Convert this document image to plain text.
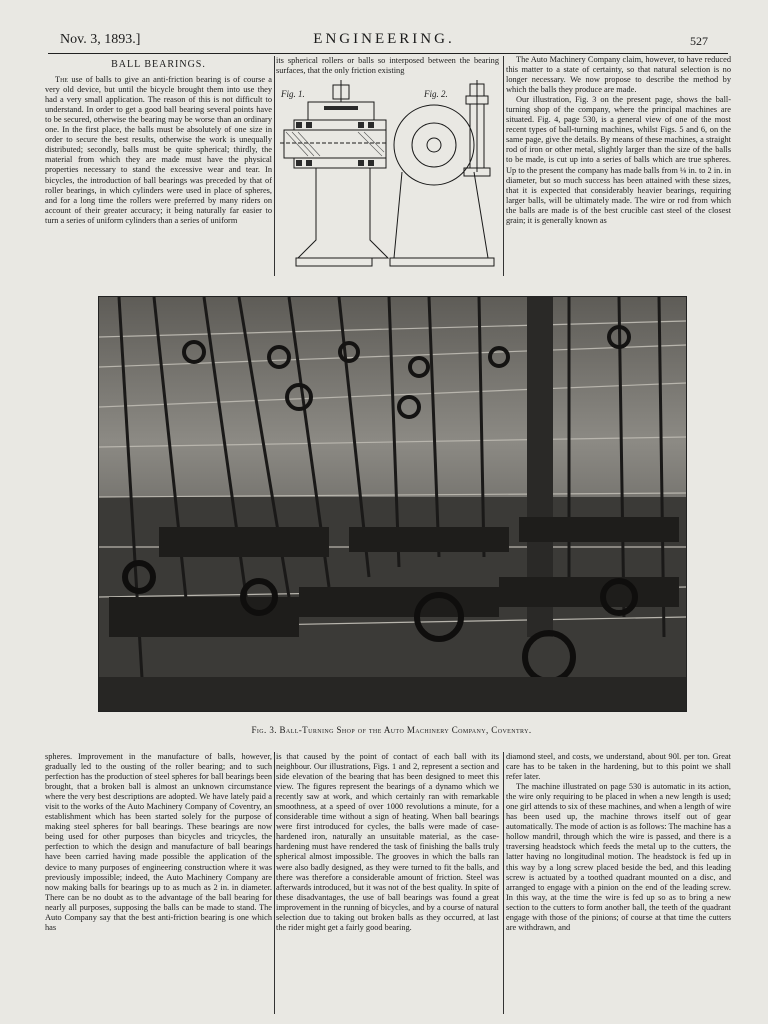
Nov. 3, 1893.]	ENGINEERING.	527
BALL BEARINGS.

The use of balls to give an anti-friction bearing is of course a very old device, but until the bicycle brought them into use they had a very small application. The reason of this is not difficult to understand. In order to get a good ball bearing several points have to be secured, otherwise the bearing may be worse than an ordinary one. In the first place, the balls must be absolutely of one size in order to secure the best results, otherwise the work is unequally distributed; secondly, balls must be quite spherical; thirdly, the material from which they are made must have the physical properties necessary to stand the excessive wear and tear. In bicycles, the introduction of ball bearings was preceded by that of roller bearings, in which cylinders were used in place of spheres, and for a long time the rollers were preferred by many riders on account of their greater accuracy; it being naturally far easier to turn a series of uniform cylinders than a series of uniform

its spherical rollers or balls so interposed between the bearing surfaces, that the only friction existing

The Auto Machinery Company claim, however, to have reduced this matter to a state of certainty, so that natural selection is no longer necessary. We now propose to describe the method by which the balls they produce are made.

Our illustration, Fig. 3 on the present page, shows the ball-turning shop of the company, where the principal machines are situated. Fig. 4, page 530, is a general view of one of the most recent types of ball-turning machines, whilst Figs. 5 and 6, on the same page, give the details. By means of these machines, a straight rod of iron or other metal, slightly larger than the size of the balls to be made, is cut up into a series of balls which are true spheres. Up to the present the company has made balls from ⅛ in. to 2 in. in diameter, but so much success has been attained with these sizes, that it is expected that considerably heavier bearings, requiring larger balls, will be ultimately made. The wire or rod from which the balls are made is of the best crucible cast steel of the closest grain; it is generally known as

Fig. 1.	Fig. 2.
Fig. 3. Ball-Turning Shop of the Auto Machinery Company, Coventry.

spheres. Improvement in the manufacture of balls, however, gradually led to the ousting of the roller bearing; and to such perfection has the production of steel spheres for ball bearings been brought, that a broken ball is almost an unknown circumstance where the very best descriptions are adopted. We have lately paid a visit to the works of the Auto Machinery Company of Coventry, an establishment which has been started solely for the purpose of making steel spheres for ball bearings. These bearings are now being used for other purposes than bicycles and tricycles, the perfection to which the design and manufacture of ball bearings have been carried having made possible the application of the device to many purposes of engineering construction where it was previously impossible; indeed, the Auto Machinery Company are now making balls for bearings up to as much as 2 in. in diameter. There can be no doubt as to the advantage of the ball bearing for nearly all purposes, supposing the balls can be made to stand. The Auto Company say that the best anti-friction bearing is one which has

is that caused by the point of contact of each ball with its neighbour. Our illustrations, Figs. 1 and 2, represent a section and side elevation of the bearing that has been designed to meet this view. The figures represent the bearings of a dynamo which we recently saw at work, and which certainly ran with remarkable smoothness, at a speed of over 1000 revolutions a minute, for a considerable time without a sign of heating. When ball bearings were first introduced for cycles, the balls were made of case-hardened iron, naturally an unsuitable material, as the case-hardening must have rendered the task of finishing the balls truly spherical almost impossible. The grooves in which the balls ran were also badly designed, as they were turned to fit the balls, and there was therefore a considerable amount of friction. Steel was afterwards introduced, but it was not of the best quality. In spite of these disadvantages, the use of ball bearings was found a great improvement in the running of bicycles, and by a course of natural selection due to taking out broken balls as they occurred, at last the rider might get a fairly good bearing.

diamond steel, and costs, we understand, about 90l. per ton. Great care has to be taken in the hardening, but to this point we shall refer later.

The machine illustrated on page 530 is automatic in its action, the wire only requiring to be placed in when a new length is used; one girl attends to six of these machines, and when a length of wire has been used up, the machine throws itself out of gear automatically. The mode of action is as follows: The machine has a hollow mandril, through which the wire is passed, and there is a traversing headstock which feeds the metal up to the cutters, the latter having no longitudinal motion. The headstock is fed up in this way by a long screw placed beside the bed, and this leading screw is actuated by a toothed quadrant mounted on a disc, and arranged to engage with a pinion on the end of the leading screw. In this way, at the time the wire is fed up so as to bring a new section to the cutters to form another ball, the teeth of the quadrant engage with those of the pinions; of course at that time the cutters are withdrawn, and
